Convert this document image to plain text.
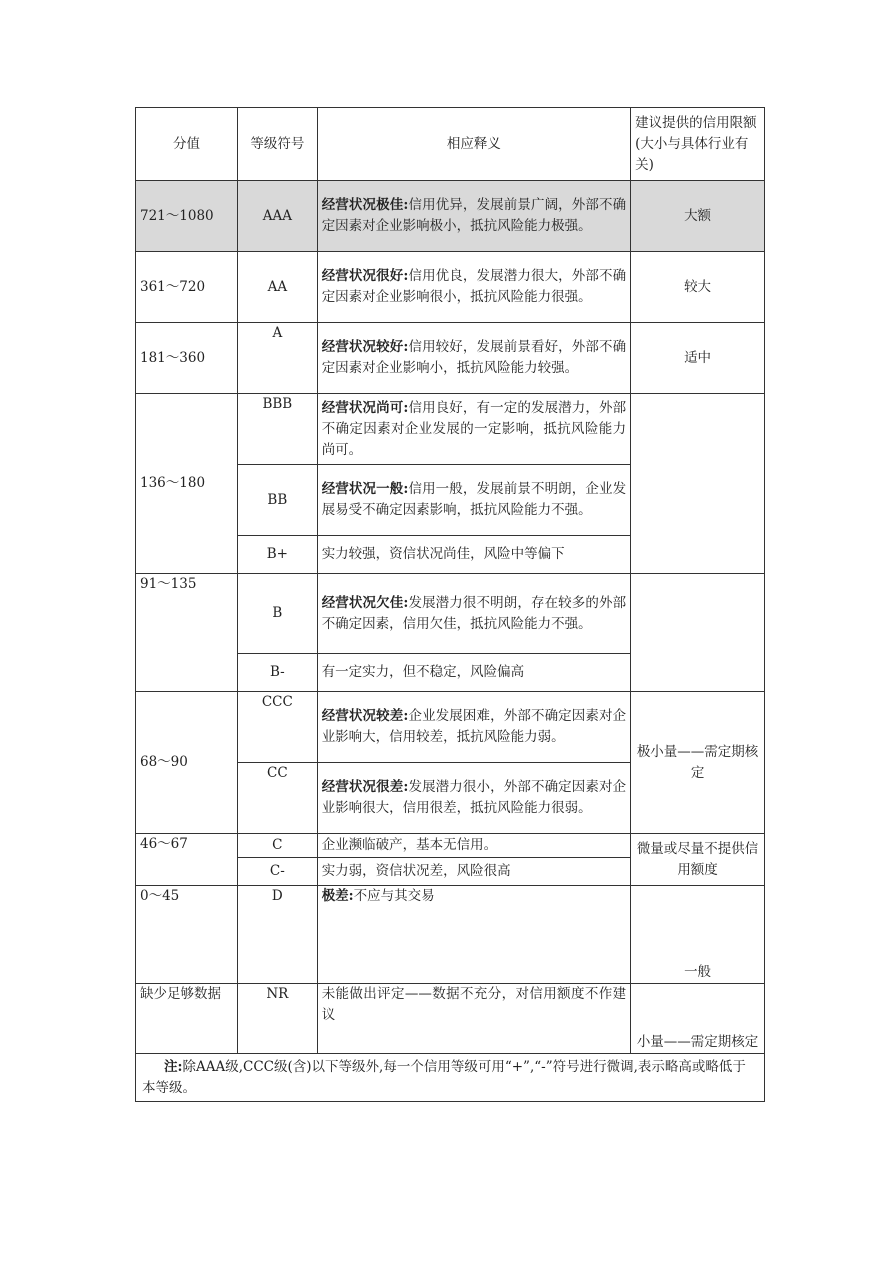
分值	等级符号	相应释义	建议提供的信用限额(大小与具体行业有关)
721～1080	AAA	经营状况极佳:信用优异，发展前景广阔，外部不确定因素对企业影响极小，抵抗风险能力极强。	大额
361～720	AA	经营状况很好:信用优良，发展潜力很大，外部不确定因素对企业影响很小，抵抗风险能力很强。	较大
181～360	A	经营状况较好:信用较好，发展前景看好，外部不确定因素对企业影响小，抵抗风险能力较强。	适中
136～180	BBB	经营状况尚可:信用良好，有一定的发展潜力，外部不确定因素对企业发展的一定影响，抵抗风险能力尚可。	
	BB	经营状况一般:信用一般，发展前景不明朗，企业发展易受不确定因素影响，抵抗风险能力不强。	
	B+	实力较强，资信状况尚佳，风险中等偏下	
91～135	B	经营状况欠佳:发展潜力很不明朗，存在较多的外部不确定因素，信用欠佳，抵抗风险能力不强。	
	B-	有一定实力，但不稳定，风险偏高	
68～90	CCC	经营状况较差:企业发展困难，外部不确定因素对企业影响大，信用较差，抵抗风险能力弱。	极小量——需定期核定
	CC	经营状况很差:发展潜力很小，外部不确定因素对企业影响很大，信用很差，抵抗风险能力很弱。	
46～67	C	企业濒临破产，基本无信用。	微量或尽量不提供信用额度
	C-	实力弱，资信状况差，风险很高	
0～45	D	极差:不应与其交易	一般
缺少足够数据	NR	未能做出评定——数据不充分，对信用额度不作建议	小量——需定期核定
注:除AAA级,CCC级(含)以下等级外,每一个信用等级可用“+”,“-”符号进行微调,表示略高或略低于本等级。			
